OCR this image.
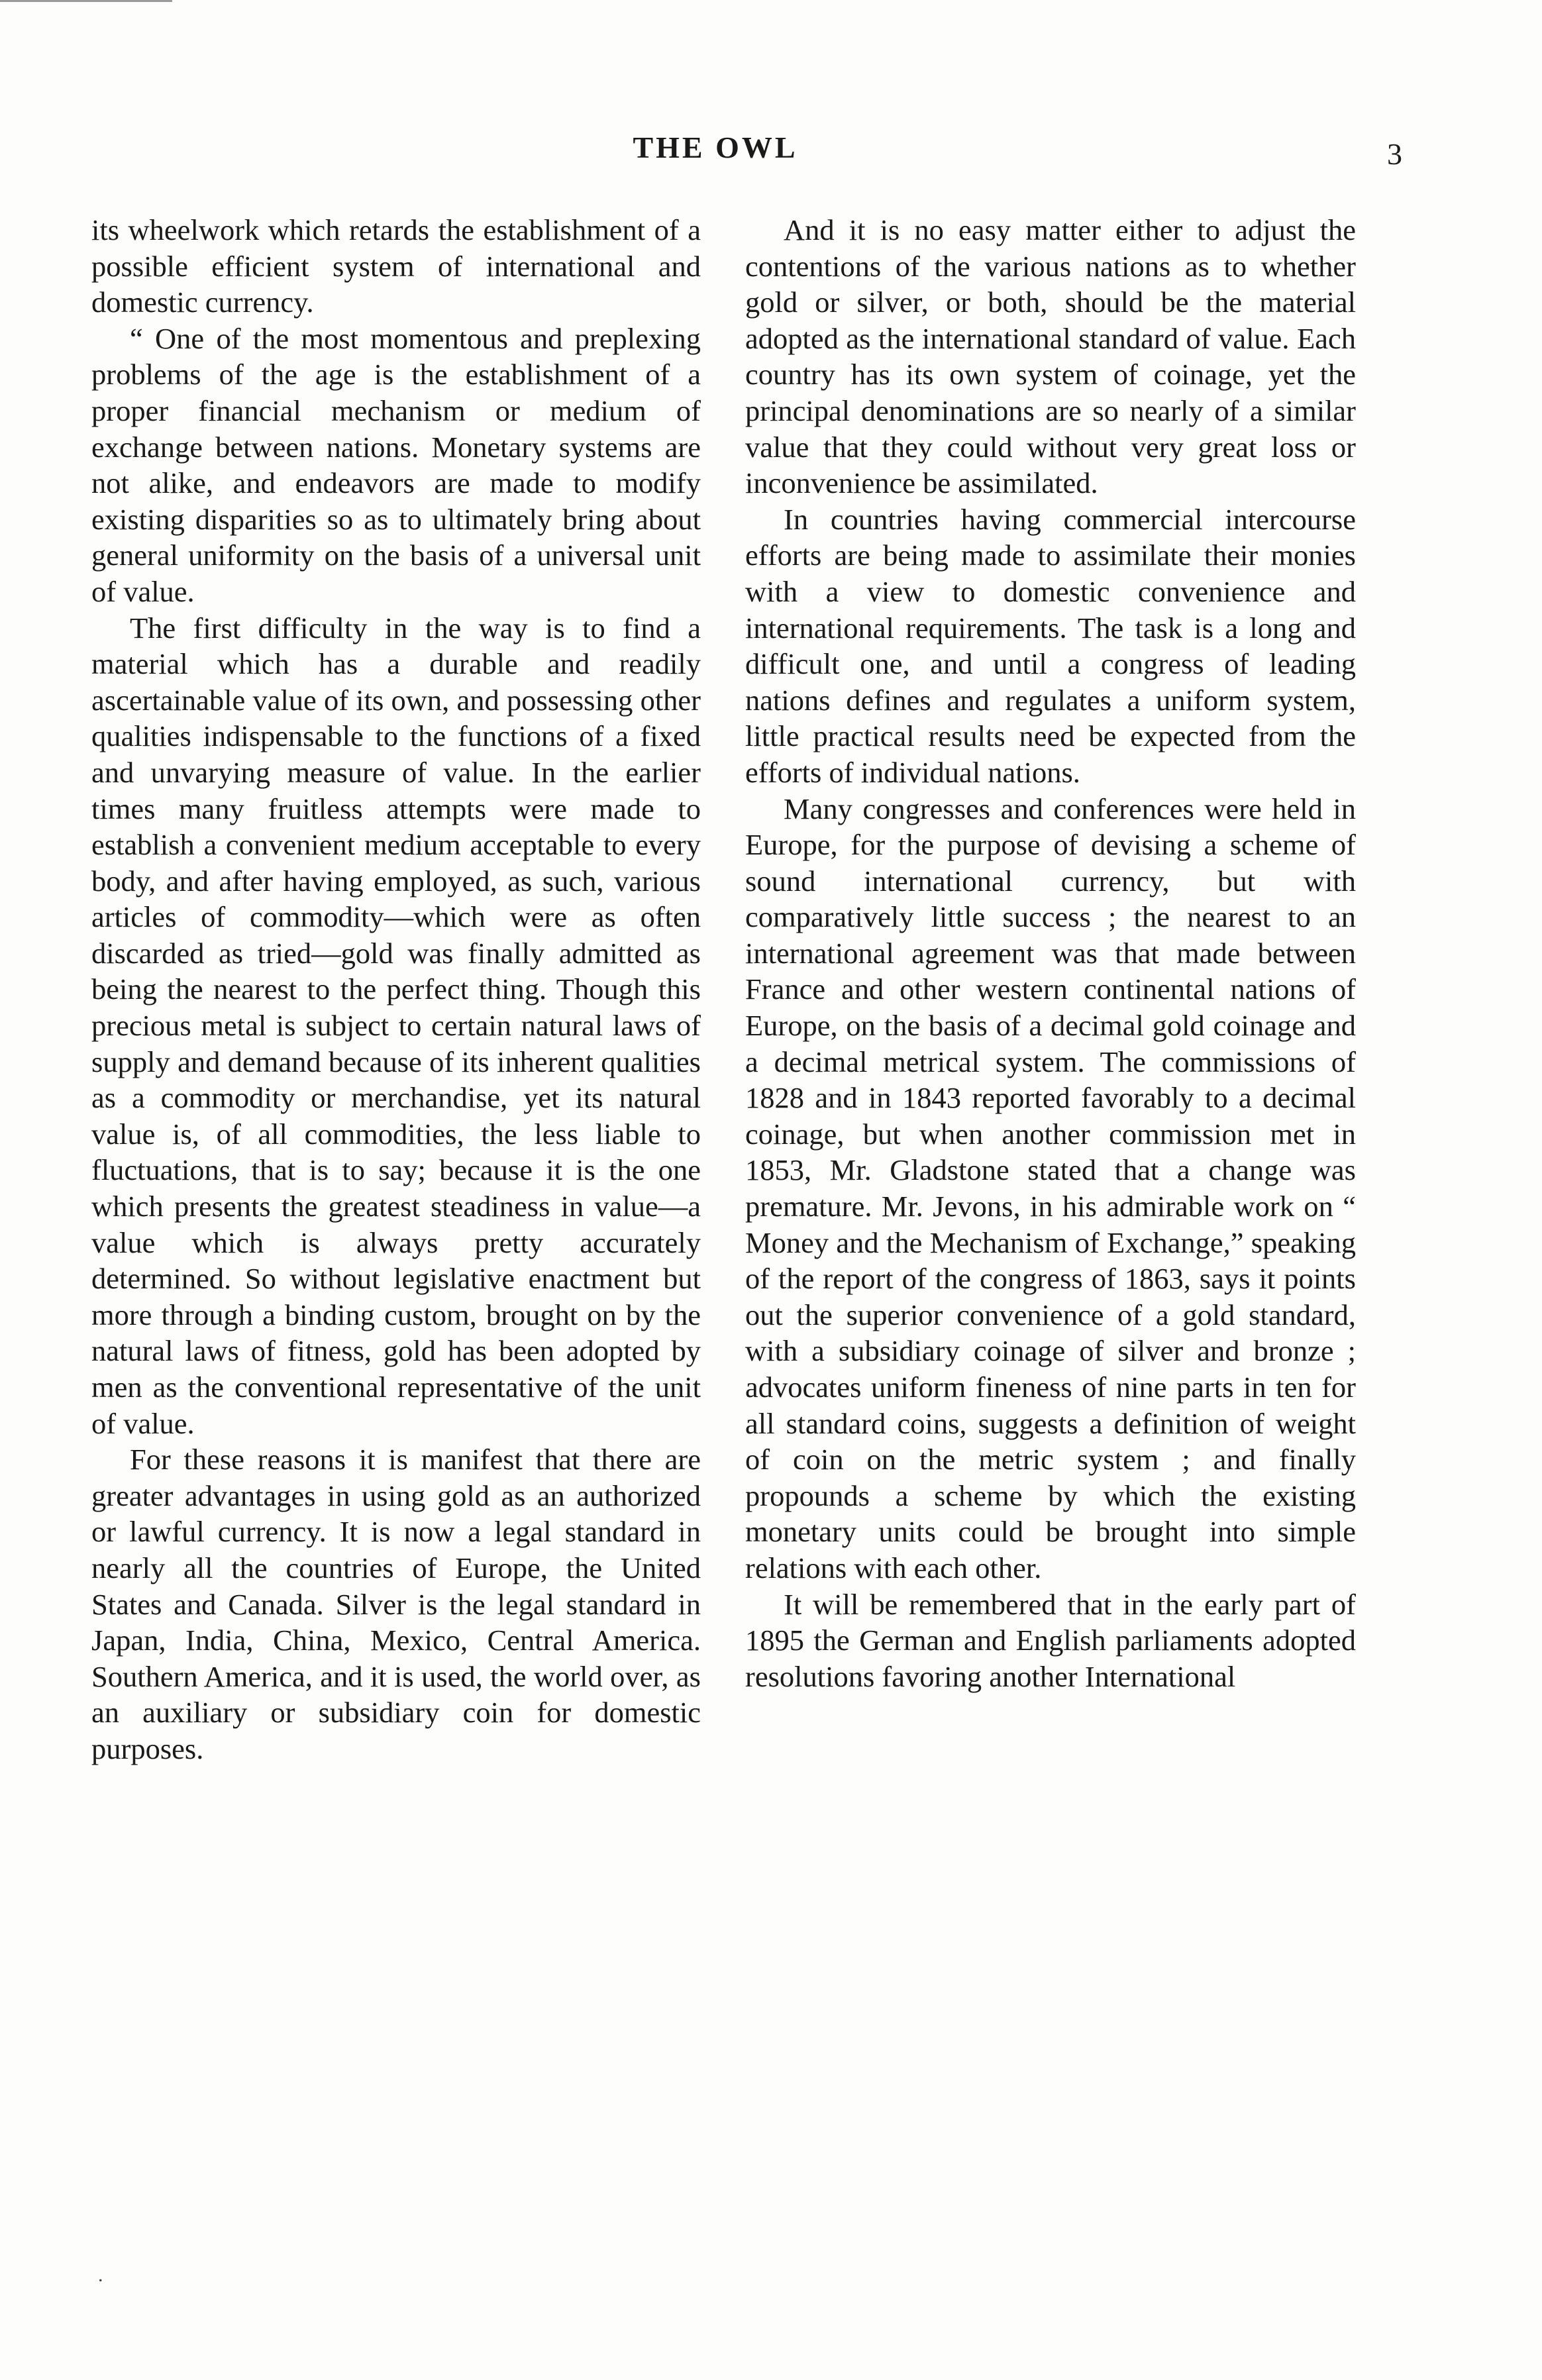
THE OWL	3

its wheelwork which retards the establishment of a possible efficient system of international and domestic currency.

“ One of the most momentous and preplexing problems of the age is the establishment of a proper financial mechanism or medium of exchange between nations. Monetary systems are not alike, and endeavors are made to modify existing disparities so as to ultimately bring about general uniformity on the basis of a universal unit of value.

The first difficulty in the way is to find a material which has a durable and readily ascertainable value of its own, and possessing other qualities indispensable to the functions of a fixed and unvarying measure of value. In the earlier times many fruitless attempts were made to establish a convenient medium acceptable to every body, and after having employed, as such, various articles of commodity—which were as often discarded as tried—gold was finally admitted as being the nearest to the perfect thing. Though this precious metal is subject to certain natural laws of supply and demand because of its inherent qualities as a commodity or merchandise, yet its natural value is, of all commodities, the less liable to fluctuations, that is to say; because it is the one which presents the greatest steadiness in value—a value which is always pretty accurately determined. So without legislative enactment but more through a binding custom, brought on by the natural laws of fitness, gold has been adopted by men as the conventional representative of the unit of value.

For these reasons it is manifest that there are greater advantages in using gold as an authorized or lawful currency. It is now a legal standard in nearly all the countries of Europe, the United States and Canada. Silver is the legal standard in Japan, India, China, Mexico, Central America. Southern America, and it is used, the world over, as an auxiliary or subsidiary coin for domestic purposes.

And it is no easy matter either to adjust the contentions of the various nations as to whether gold or silver, or both, should be the material adopted as the international standard of value. Each country has its own system of coinage, yet the principal denominations are so nearly of a similar value that they could without very great loss or inconvenience be assimilated.

In countries having commercial intercourse efforts are being made to assimilate their monies with a view to domestic convenience and international requirements. The task is a long and difficult one, and until a congress of leading nations defines and regulates a uniform system, little practical results need be expected from the efforts of individual nations.

Many congresses and conferences were held in Europe, for the purpose of devising a scheme of sound international currency, but with comparatively little success ; the nearest to an international agreement was that made between France and other western continental nations of Europe, on the basis of a decimal gold coinage and a decimal metrical system. The commissions of 1828 and in 1843 reported favorably to a decimal coinage, but when another commission met in 1853, Mr. Gladstone stated that a change was premature. Mr. Jevons, in his admirable work on “ Money and the Mechanism of Exchange,” speaking of the report of the congress of 1863, says it points out the superior convenience of a gold standard, with a subsidiary coinage of silver and bronze ; advocates uniform fineness of nine parts in ten for all standard coins, suggests a definition of weight of coin on the metric system ; and finally propounds a scheme by which the existing monetary units could be brought into simple relations with each other.

It will be remembered that in the early part of 1895 the German and English parliaments adopted resolutions favoring another International

.
